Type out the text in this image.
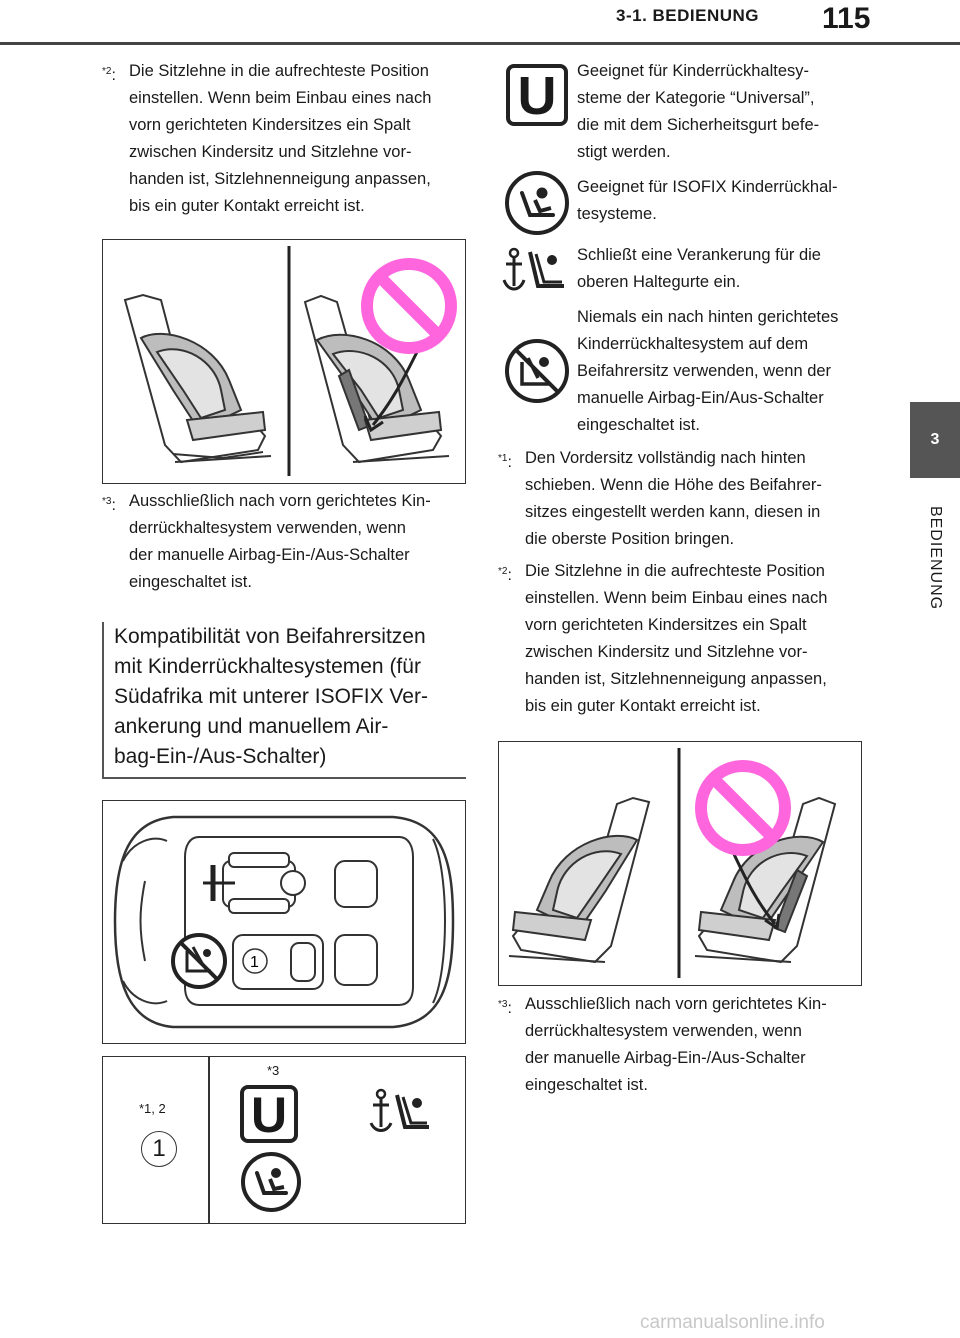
3-1. BEDIENUNG 115
3
BEDIENUNG
$^{*2}$: Die Sitzlehne in die aufrechteste Position
einstellen. Wenn beim Einbau eines nach
vorn gerichteten Kindersitzes ein Spalt
zwischen Kindersitz und Sitzlehne vor-
handen ist, Sitzlehnenneigung anpassen,
bis ein guter Kontakt erreicht ist.
$^{*3}$: Ausschließlich nach vorn gerichtetes Kin-
derrückhaltesystem verwenden, wenn
der manuelle Airbag-Ein-/Aus-Schalter
eingeschaltet ist.
Kompatibilität von Beifahrersitzen
mit Kinderrückhaltesystemen (für
Südafrika mit unterer ISOFIX Ver-
ankerung und manuellem Air-
bag-Ein-/Aus-Schalter)
1
*1, 2
1
*3
U
U	Geeignet für Kinderrückhaltesy-
steme der Kategorie “Universal”,
die mit dem Sicherheitsgurt befe-
stigt werden.
Geeignet für ISOFIX Kinderrückhal-
tesysteme.
Schließt eine Verankerung für die
oberen Haltegurte ein.
Niemals ein nach hinten gerichtetes
Kinderrückhaltesystem auf dem
Beifahrersitz verwenden, wenn der
manuelle Airbag-Ein/Aus-Schalter
eingeschaltet ist.
$^{*1}$: Den Vordersitz vollständig nach hinten
schieben. Wenn die Höhe des Beifahrer-
sitzes eingestellt werden kann, diesen in
die oberste Position bringen.
$^{*2}$: Die Sitzlehne in die aufrechteste Position
einstellen. Wenn beim Einbau eines nach
vorn gerichteten Kindersitzes ein Spalt
zwischen Kindersitz und Sitzlehne vor-
handen ist, Sitzlehnenneigung anpassen,
bis ein guter Kontakt erreicht ist.
$^{*3}$: Ausschließlich nach vorn gerichtetes Kin-
derrückhaltesystem verwenden, wenn
der manuelle Airbag-Ein-/Aus-Schalter
eingeschaltet ist.
carmanualsonline.info
